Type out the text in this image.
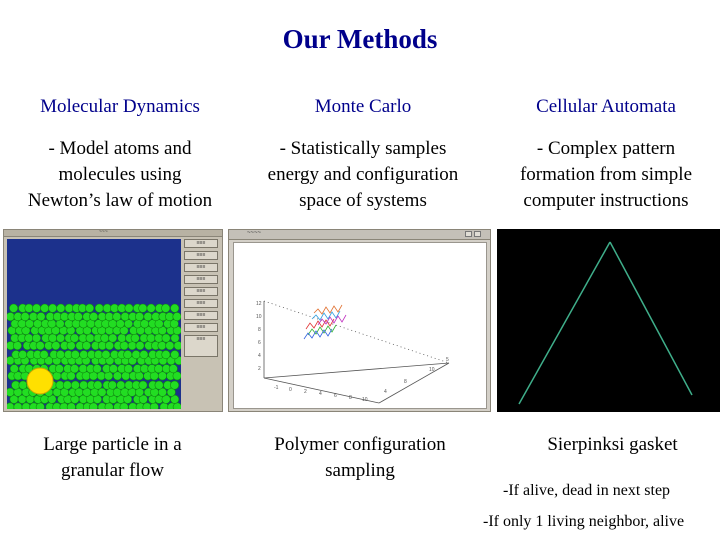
Our Methods
Molecular Dynamics	Monte Carlo	Cellular Automata
- Model atoms and
molecules using
Newton’s law of motion
- Statistically samples
energy and configuration
space of systems
- Complex pattern
formation from simple
computer instructions
~~~
≡≡≡
≡≡≡
≡≡≡
≡≡≡
≡≡≡
≡≡≡
≡≡≡
≡≡≡
≡≡≡
~~~~
12
10
8
6
4
2
-1 0 2 4 6 8 10
4
8
10
5
Large particle in a
granular flow
Polymer configuration
sampling
Sierpinksi gasket
-If alive, dead in next step
-If only 1 living neighbor, alive
